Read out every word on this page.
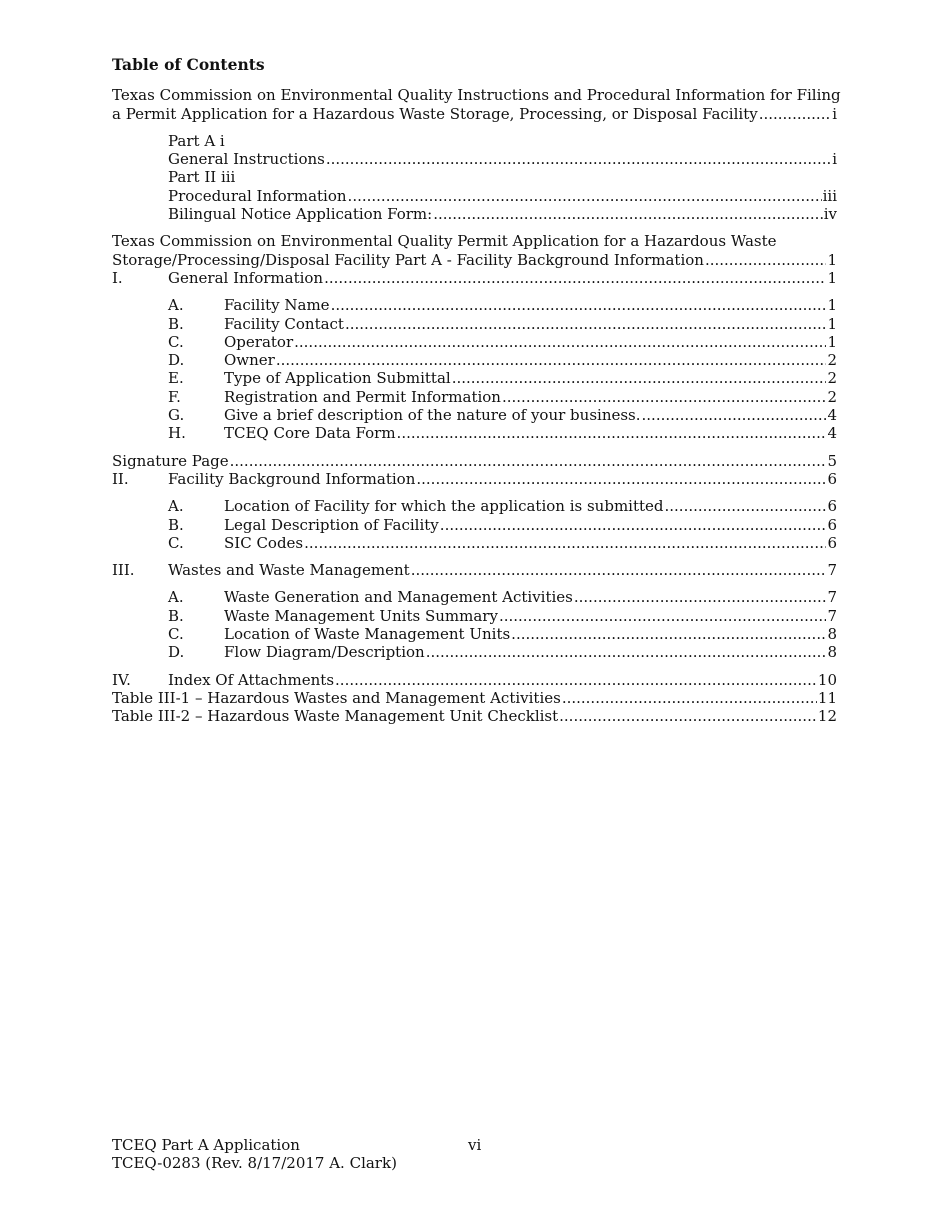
Table of Contents
Texas Commission on Environmental Quality Instructions and Procedural Information for Filing
a Permit Application for a Hazardous Waste Storage, Processing, or Disposal Facility .....	i
Part A i
General Instructions .....	i
Part II iii
Procedural Information .....	iii
Bilingual Notice Application Form: .....	iv
Texas Commission on Environmental Quality Permit Application for a Hazardous Waste
Storage/Processing/Disposal Facility Part A - Facility Background Information .....	1
I.	General Information .....	1
A.	Facility Name .....	1
B.	Facility Contact .....	1
C.	Operator .....	1
D.	Owner .....	2
E.	Type of Application Submittal .....	2
F.	Registration and Permit Information .....	2
G.	Give a brief description of the nature of your business. .....	4
H.	TCEQ Core Data Form .....	4
Signature Page .....	5
II.	Facility Background Information .....	6
A.	Location of Facility for which the application is submitted .....	6
B.	Legal Description of Facility .....	6
C.	SIC Codes .....	6
III.	Wastes and Waste Management .....	7
A.	Waste Generation and Management Activities .....	7
B.	Waste Management Units Summary .....	7
C.	Location of Waste Management Units .....	8
D.	Flow Diagram/Description .....	8
IV.	Index Of Attachments .....	10
Table III-1 – Hazardous Wastes and Management Activities .....	11
Table III-2 – Hazardous Waste Management Unit Checklist .....	12
TCEQ Part A Application
TCEQ-0283 (Rev. 8/17/2017 A. Clark)
vi
